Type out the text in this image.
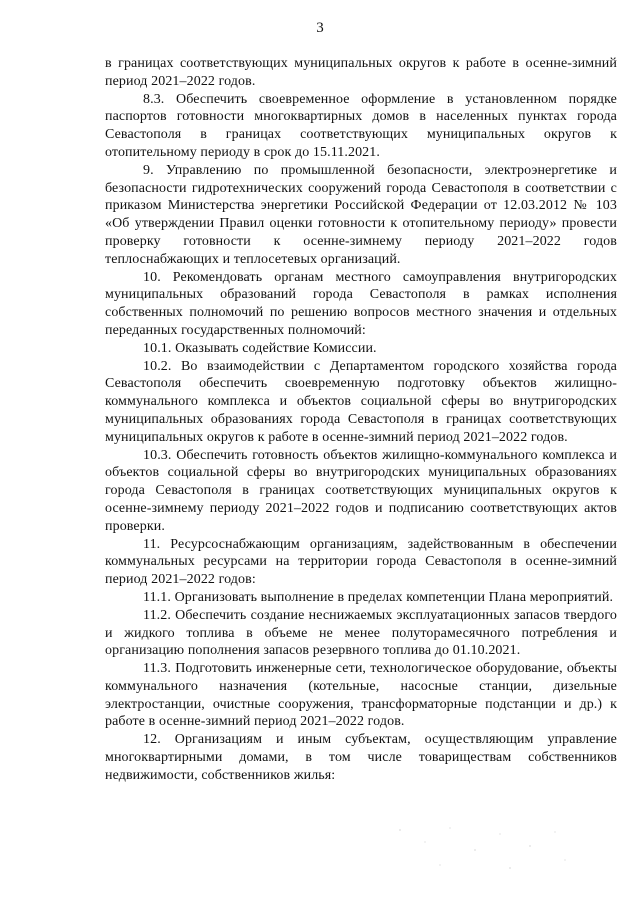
3

в границах соответствующих муниципальных округов к работе в осенне-зимний период 2021–2022 годов.

8.3. Обеспечить своевременное оформление в установленном порядке паспортов готовности многоквартирных домов в населенных пунктах города Севастополя в границах соответствующих муниципальных округов к отопительному периоду в срок до 15.11.2021.

9. Управлению по промышленной безопасности, электроэнергетике и безопасности гидротехнических сооружений города Севастополя в соответствии с приказом Министерства энергетики Российской Федерации от 12.03.2012 № 103 «Об утверждении Правил оценки готовности к отопительному периоду» провести проверку готовности к осенне-зимнему периоду 2021–2022 годов теплоснабжающих и теплосетевых организаций.

10. Рекомендовать органам местного самоуправления внутригородских муниципальных образований города Севастополя в рамках исполнения собственных полномочий по решению вопросов местного значения и отдельных переданных государственных полномочий:

10.1. Оказывать содействие Комиссии.

10.2. Во взаимодействии с Департаментом городского хозяйства города Севастополя обеспечить своевременную подготовку объектов жилищно-коммунального комплекса и объектов социальной сферы во внутригородских муниципальных образованиях города Севастополя в границах соответствующих муниципальных округов к работе в осенне-зимний период 2021–2022 годов.

10.3. Обеспечить готовность объектов жилищно-коммунального комплекса и объектов социальной сферы во внутригородских муниципальных образованиях города Севастополя в границах соответствующих муниципальных округов к осенне-зимнему периоду 2021–2022 годов и подписанию соответствующих актов проверки.

11. Ресурсоснабжающим организациям, задействованным в обеспечении коммунальных ресурсами на территории города Севастополя в осенне-зимний период 2021–2022 годов:

11.1. Организовать выполнение в пределах компетенции Плана мероприятий.

11.2. Обеспечить создание неснижаемых эксплуатационных запасов твердого и жидкого топлива в объеме не менее полуторамесячного потребления и организацию пополнения запасов резервного топлива до 01.10.2021.

11.3. Подготовить инженерные сети, технологическое оборудование, объекты коммунального назначения (котельные, насосные станции, дизельные электростанции, очистные сооружения, трансформаторные подстанции и др.) к работе в осенне-зимний период 2021–2022 годов.

12. Организациям и иным субъектам, осуществляющим управление многоквартирными домами, в том числе товариществам собственников недвижимости, собственников жилья:
